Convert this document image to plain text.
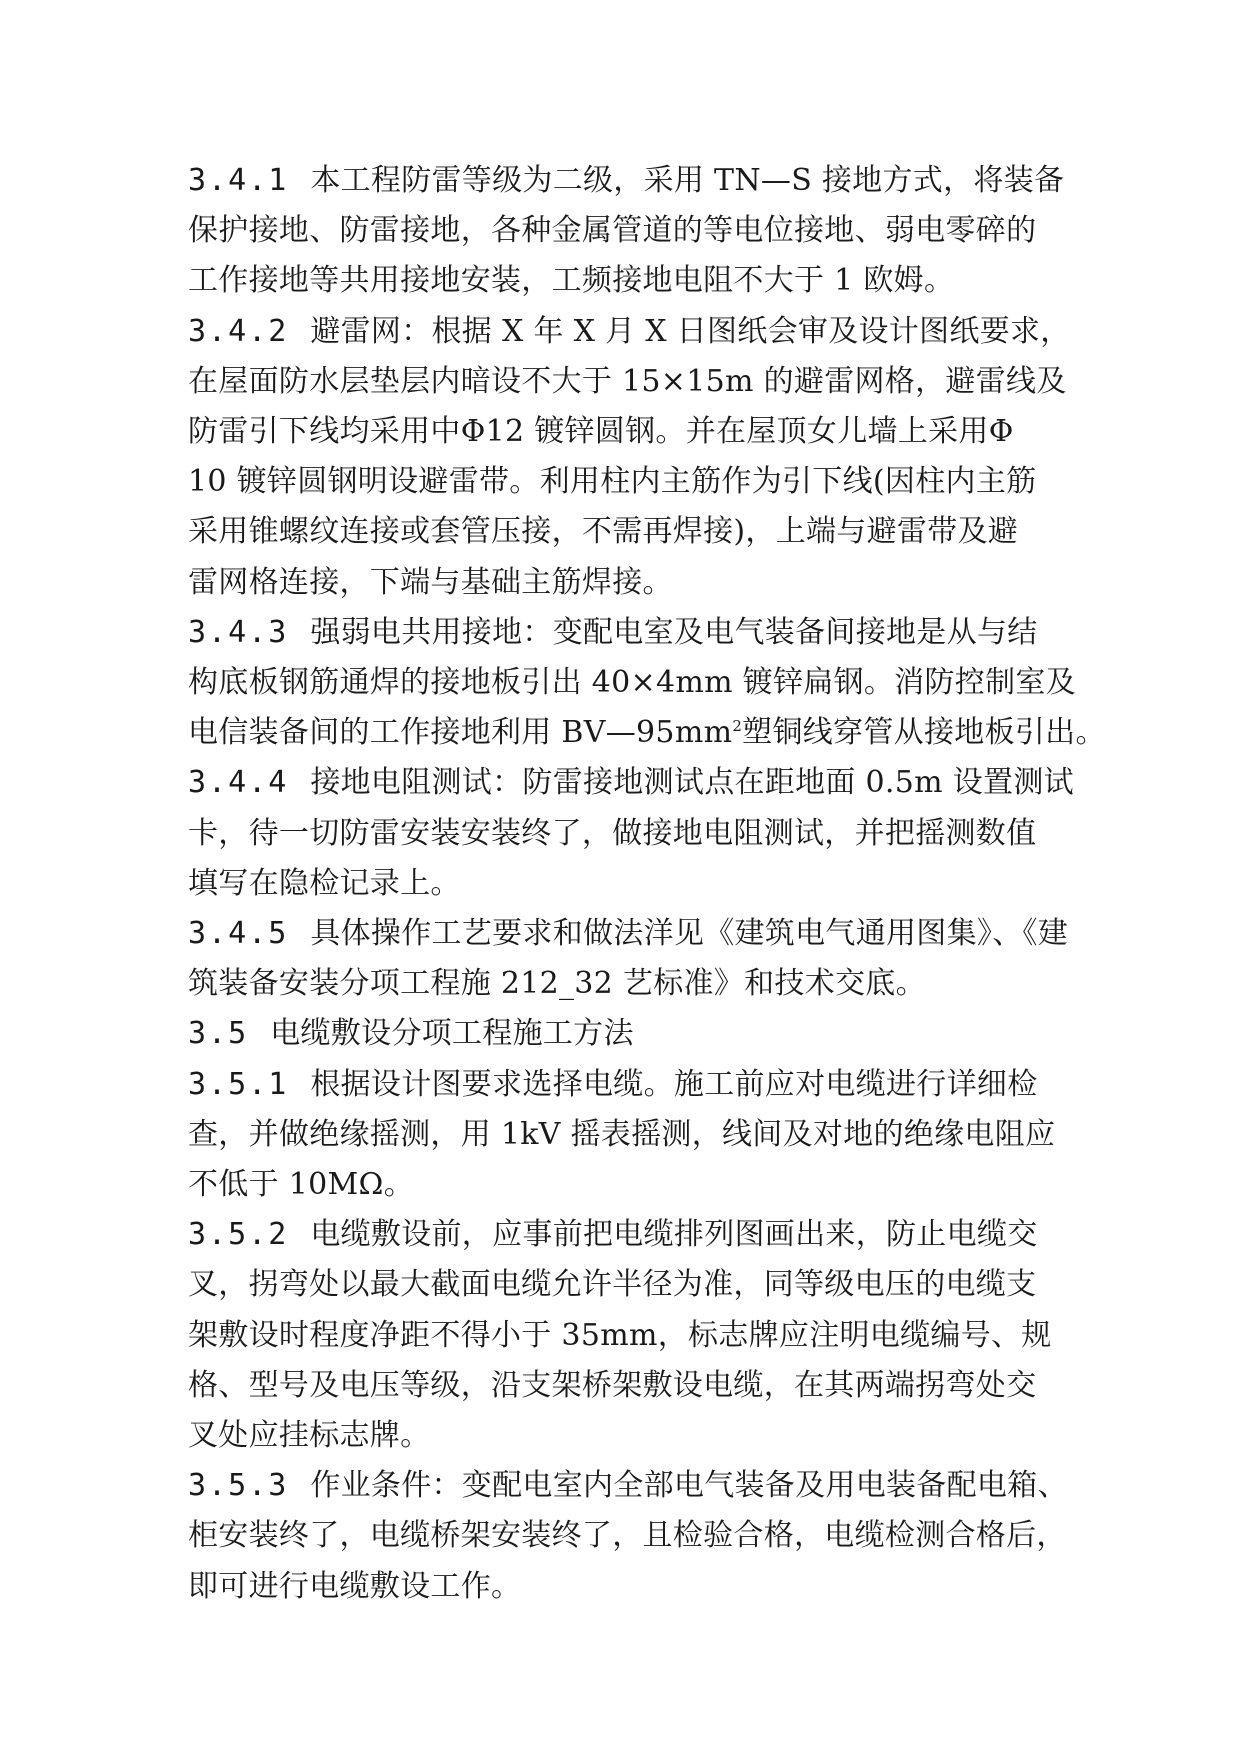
3.4.1 本工程防雷等级为二级，采用 TN—S 接地方式，将装备
保护接地、防雷接地，各种金属管道的等电位接地、弱电零碎的
工作接地等共用接地安装，工频接地电阻不大于 1 欧姆。
3.4.2 避雷网：根据 X 年 X 月 X 日图纸会审及设计图纸要求，
在屋面防水层垫层内暗设不大于 15×15m 的避雷网格，避雷线及
防雷引下线均采用中Φ12 镀锌圆钢。并在屋顶女儿墙上采用Φ
10 镀锌圆钢明设避雷带。利用柱内主筋作为引下线(因柱内主筋
采用锥螺纹连接或套管压接，不需再焊接)，上端与避雷带及避
雷网格连接，下端与基础主筋焊接。
3.4.3 强弱电共用接地：变配电室及电气装备间接地是从与结
构底板钢筋通焊的接地板引出 40×4mm 镀锌扁钢。消防控制室及
电信装备间的工作接地利用 $BV—95mm^2$塑铜线穿管从接地板引出。
3.4.4 接地电阻测试：防雷接地测试点在距地面 0.5m 设置测试
卡，待一切防雷安装安装终了，做接地电阻测试，并把摇测数值
填写在隐检记录上。
3.4.5 具体操作工艺要求和做法洋见《建筑电气通用图集》、《建
筑装备安装分项工程施 212_32 艺标准》和技术交底。
3.5 电缆敷设分项工程施工方法
3.5.1 根据设计图要求选择电缆。施工前应对电缆进行详细检
查，并做绝缘摇测，用 1kV 摇表摇测，线间及对地的绝缘电阻应
不低于 10MΩ。
3.5.2 电缆敷设前，应事前把电缆排列图画出来，防止电缆交
叉，拐弯处以最大截面电缆允许半径为准，同等级电压的电缆支
架敷设时程度净距不得小于 35mm，标志牌应注明电缆编号、规
格、型号及电压等级，沿支架桥架敷设电缆，在其两端拐弯处交
叉处应挂标志牌。
3.5.3 作业条件：变配电室内全部电气装备及用电装备配电箱、
柜安装终了，电缆桥架安装终了，且检验合格，电缆检测合格后，
即可进行电缆敷设工作。
